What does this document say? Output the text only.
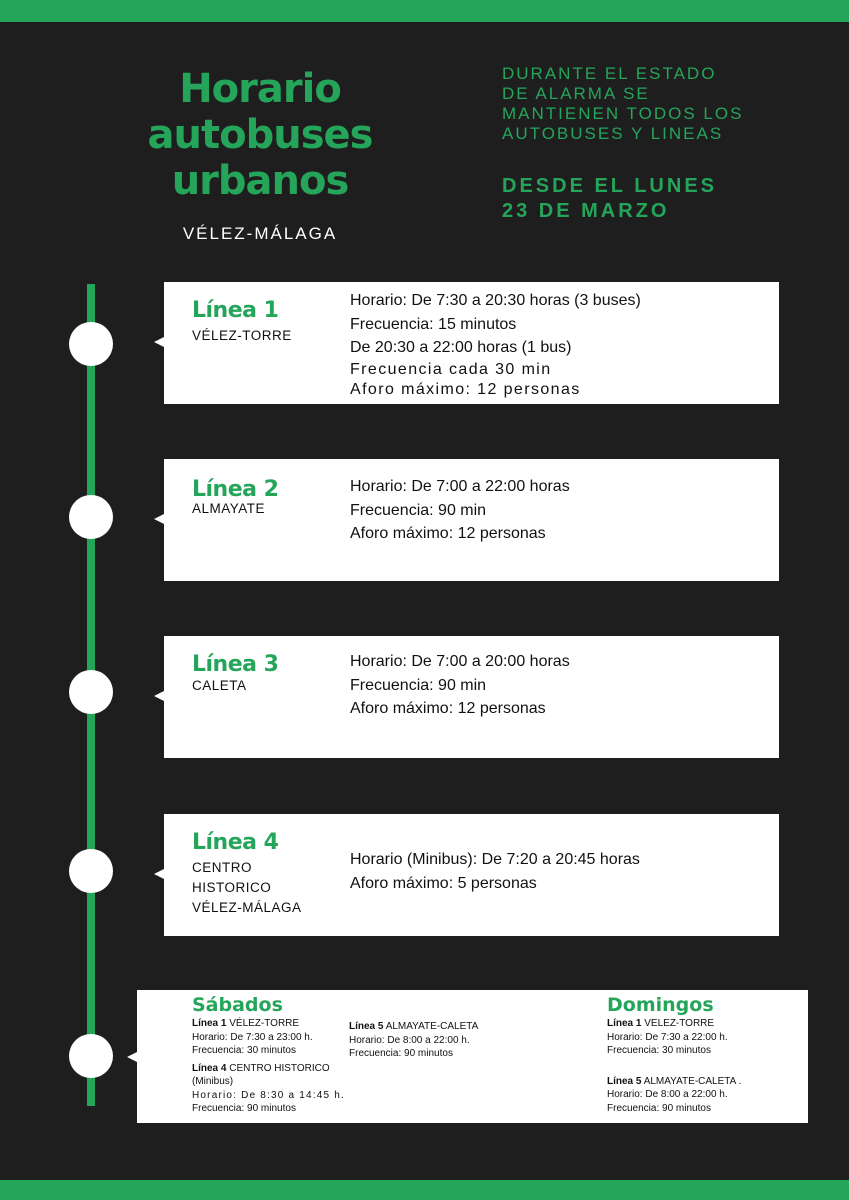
Horario
autobuses
urbanos
VÉLEZ-MÁLAGA
DURANTE EL ESTADO
DE ALARMA SE
MANTIENEN TODOS LOS
AUTOBUSES Y LINEAS
DESDE EL LUNES
23 DE MARZO
Línea 1
VÉLEZ-TORRE
Horario: De 7:30 a 20:30 horas (3 buses)
Frecuencia: 15 minutos
De 20:30 a 22:00 horas (1 bus)
Frecuencia cada 30 min
Aforo máximo: 12 personas
Línea 2
ALMAYATE
Horario: De 7:00 a 22:00 horas
Frecuencia: 90 min
Aforo máximo: 12 personas
Línea 3
CALETA
Horario: De 7:00 a 20:00 horas
Frecuencia: 90 min
Aforo máximo: 12 personas
Línea 4
CENTRO
HISTORICO
VÉLEZ-MÁLAGA
Horario (Minibus): De 7:20 a 20:45 horas
Aforo máximo: 5 personas
Sábados
Línea 1 VÉLEZ-TORRE
Horario: De 7:30 a 23:00 h.
Frecuencia: 30 minutos
Línea 4 CENTRO HISTORICO
(Minibus)
Horario: De 8:30 a 14:45 h.
Frecuencia: 90 minutos
Línea 5 ALMAYATE-CALETA
Horario: De 8:00 a 22:00 h.
Frecuencia: 90 minutos
Domingos
Línea 1 VELEZ-TORRE
Horario: De 7:30 a 22:00 h.
Frecuencia: 30 minutos
Línea 5 ALMAYATE-CALETA .
Horario: De 8:00 a 22:00 h.
Frecuencia: 90 minutos
